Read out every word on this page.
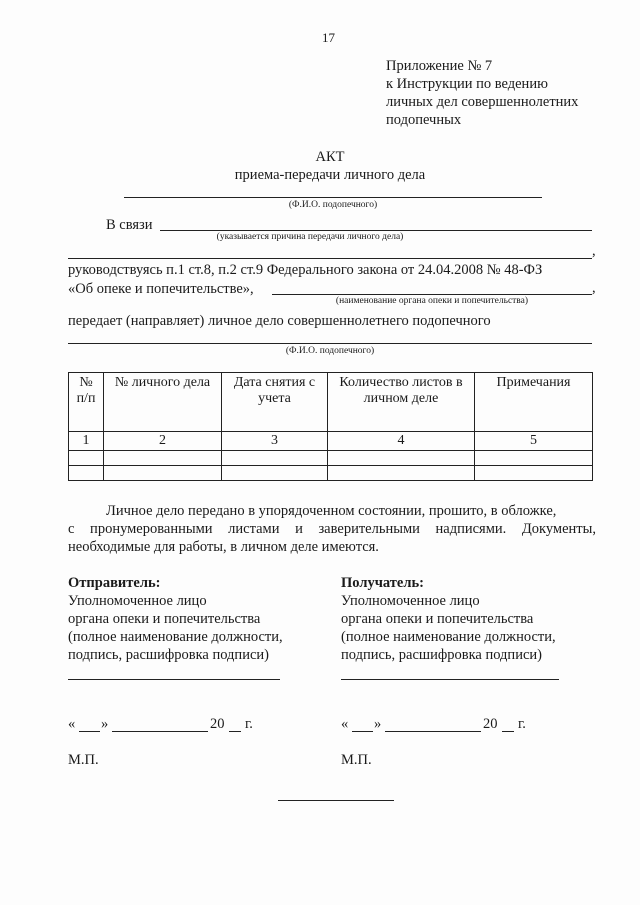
17
Приложение № 7
к Инструкции по ведению
личных дел совершеннолетних
подопечных
АКТ
приема-передачи личного дела
(Ф.И.О. подопечного)
В связи
(указывается причина передачи личного дела)
,
руководствуясь п.1 ст.8, п.2 ст.9 Федерального закона от 24.04.2008 № 48-ФЗ
«Об опеке и попечительстве»,	,
(наименование органа опеки и попечительства)
передает (направляет) личное дело совершеннолетнего подопечного
(Ф.И.О. подопечного)
№ п/п	№ личного дела	Дата снятия с учета	Количество листов в личном деле	Примечания
1	2	3	4	5

Личное дело передано в упорядоченном состоянии, прошито, в обложке,
с пронумерованными листами и заверительными надписями. Документы,
необходимые для работы, в личном деле имеются.
Отправитель:
Уполномоченное лицо
органа опеки и попечительства
(полное наименование должности,
подпись, расшифровка подписи)
« »	20 г.
М.П.
Получатель:
Уполномоченное лицо
органа опеки и попечительства
(полное наименование должности,
подпись, расшифровка подписи)
« »	20 г.
М.П.
